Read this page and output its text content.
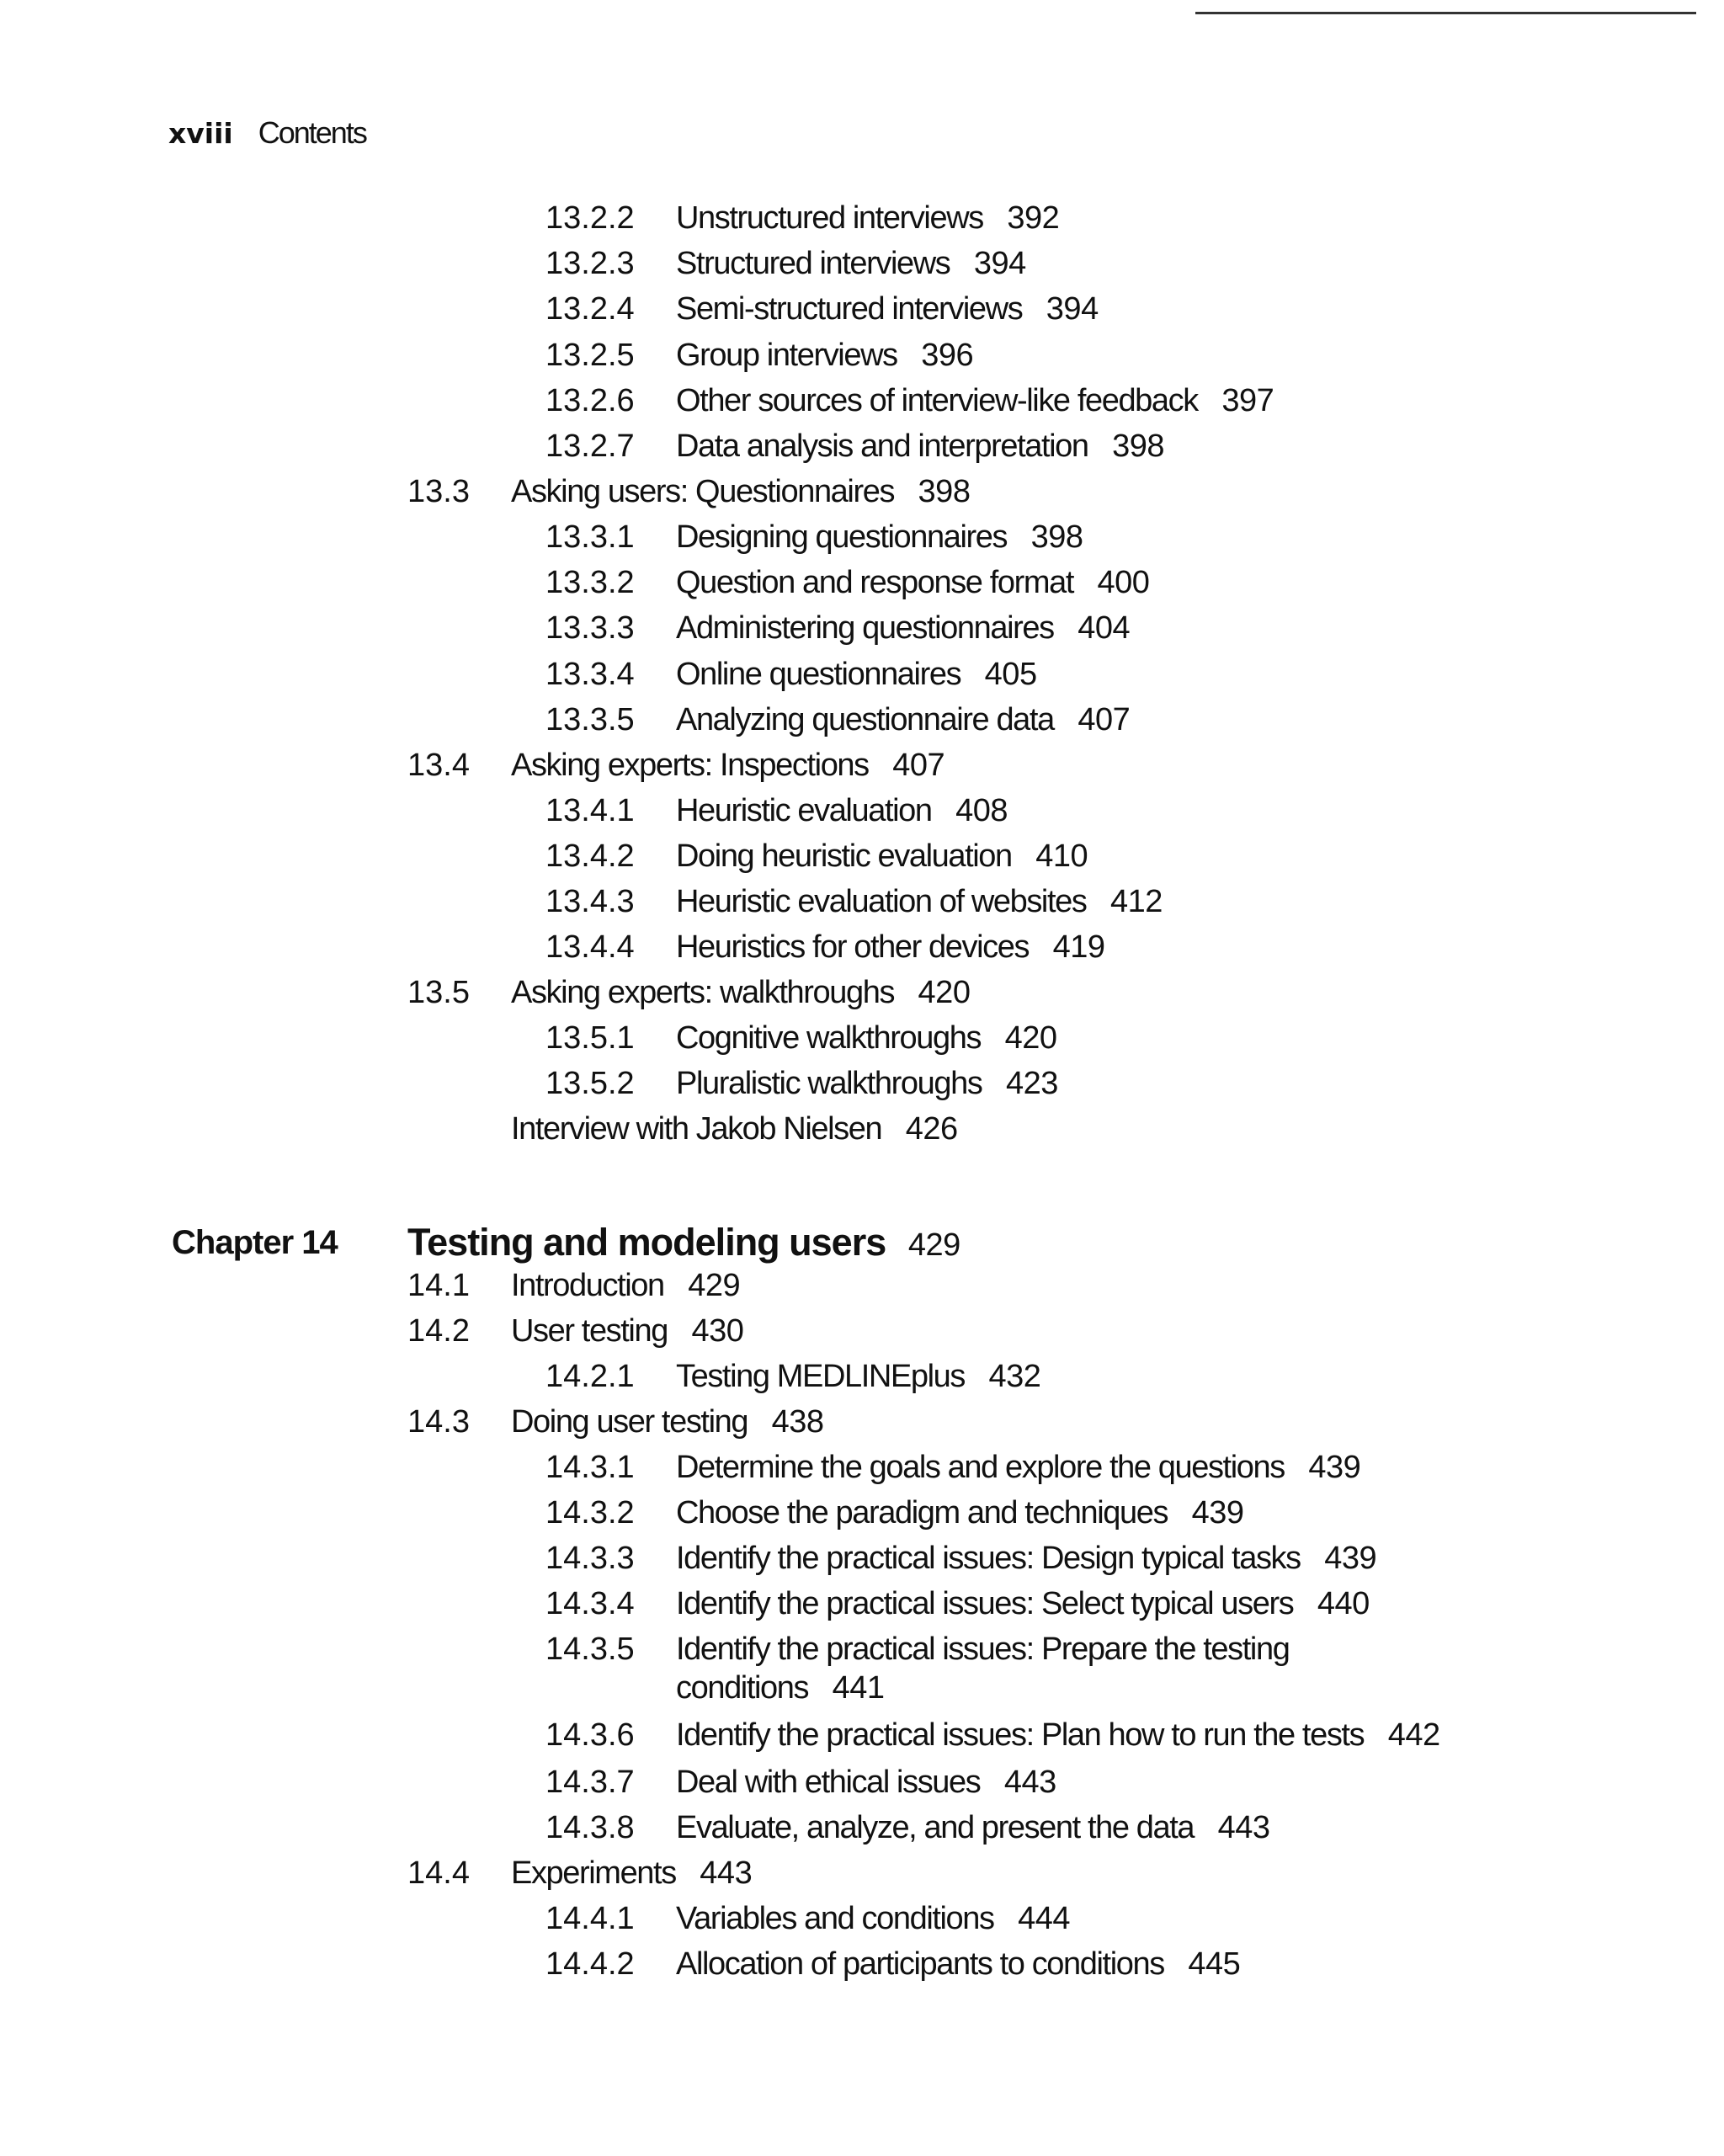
xviii Contents
13.2.2 Unstructured interviews 392
13.2.3 Structured interviews 394
13.2.4 Semi-structured interviews 394
13.2.5 Group interviews 396
13.2.6 Other sources of interview-like feedback 397
13.2.7 Data analysis and interpretation 398
13.3 Asking users: Questionnaires 398
13.3.1 Designing questionnaires 398
13.3.2 Question and response format 400
13.3.3 Administering questionnaires 404
13.3.4 Online questionnaires 405
13.3.5 Analyzing questionnaire data 407
13.4 Asking experts: Inspections 407
13.4.1 Heuristic evaluation 408
13.4.2 Doing heuristic evaluation 410
13.4.3 Heuristic evaluation of websites 412
13.4.4 Heuristics for other devices 419
13.5 Asking experts: walkthroughs 420
13.5.1 Cognitive walkthroughs 420
13.5.2 Pluralistic walkthroughs 423
Interview with Jakob Nielsen 426
Chapter 14 Testing and modeling users 429
14.1 Introduction 429
14.2 User testing 430
14.2.1 Testing MEDLINEplus 432
14.3 Doing user testing 438
14.3.1 Determine the goals and explore the questions 439
14.3.2 Choose the paradigm and techniques 439
14.3.3 Identify the practical issues: Design typical tasks 439
14.3.4 Identify the practical issues: Select typical users 440
14.3.5 Identify the practical issues: Prepare the testing
conditions 441
14.3.6 Identify the practical issues: Plan how to run the tests 442
14.3.7 Deal with ethical issues 443
14.3.8 Evaluate, analyze, and present the data 443
14.4 Experiments 443
14.4.1 Variables and conditions 444
14.4.2 Allocation of participants to conditions 445
